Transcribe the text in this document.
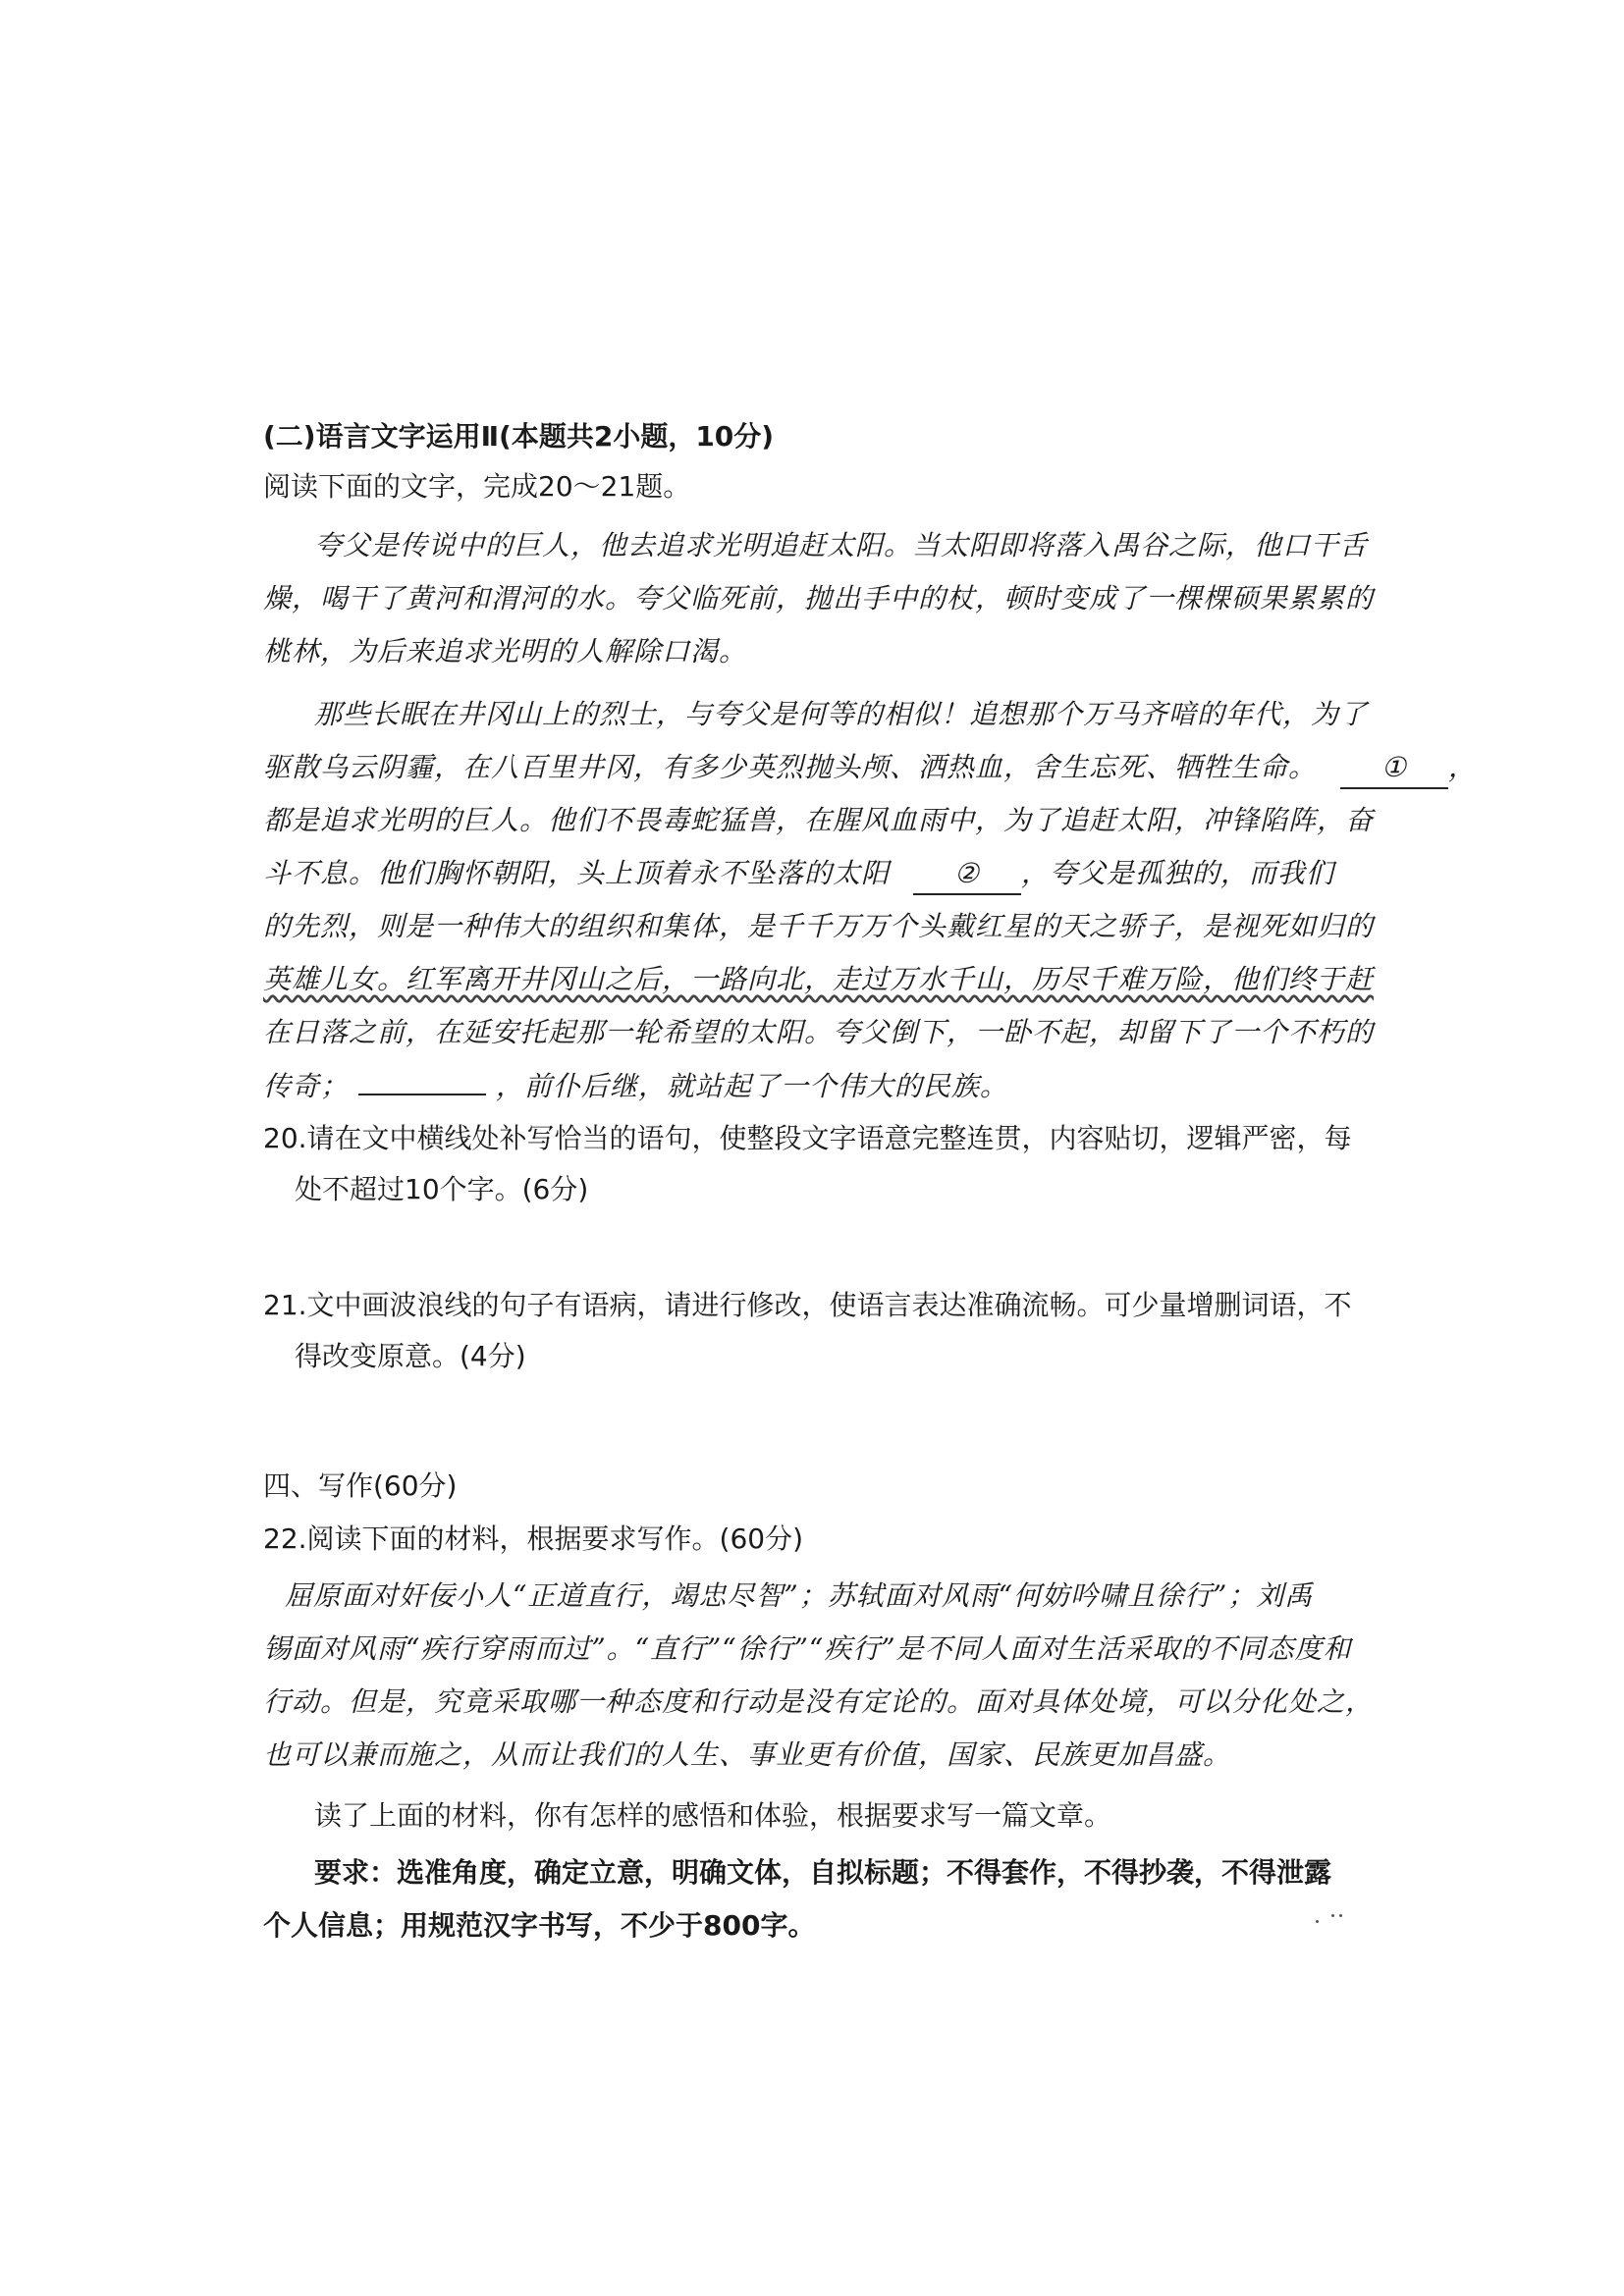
(二)语言文字运用Ⅱ(本题共2小题，10分)
阅读下面的文字，完成20～21题。
夸父是传说中的巨人，他去追求光明追赶太阳。当太阳即将落入禺谷之际，他口干舌
燥，喝干了黄河和渭河的水。夸父临死前，抛出手中的杖，顿时变成了一棵棵硕果累累的
桃林，为后来追求光明的人解除口渴。
那些长眠在井冈山上的烈士，与夸父是何等的相似！追想那个万马齐喑的年代，为了
驱散乌云阴霾，在八百里井冈，有多少英烈抛头颅、洒热血，舍生忘死、牺牲生命。 ① ，
都是追求光明的巨人。他们不畏毒蛇猛兽，在腥风血雨中，为了追赶太阳，冲锋陷阵，奋
斗不息。他们胸怀朝阳，头上顶着永不坠落的太阳 ② ，夸父是孤独的，而我们
的先烈，则是一种伟大的组织和集体，是千千万万个头戴红星的天之骄子，是视死如归的
英雄儿女。红军离开井冈山之后，一路向北，走过万水千山，历尽千难万险，他们终于赶
在日落之前，在延安托起那一轮希望的太阳。夸父倒下，一卧不起，却留下了一个不朽的
传奇；	，前仆后继，就站起了一个伟大的民族。
20.请在文中横线处补写恰当的语句，使整段文字语意完整连贯，内容贴切，逻辑严密，每
处不超过10个字。(6分)
21.文中画波浪线的句子有语病，请进行修改，使语言表达准确流畅。可少量增删词语，不
得改变原意。(4分)
四、写作(60分)
22.阅读下面的材料，根据要求写作。(60分)
屈原面对奸佞小人“正道直行，竭忠尽智”；苏轼面对风雨“何妨吟啸且徐行”；刘禹
锡面对风雨“疾行穿雨而过”。“直行”“徐行”“疾行”是不同人面对生活采取的不同态度和
行动。但是，究竟采取哪一种态度和行动是没有定论的。面对具体处境，可以分化处之，
也可以兼而施之，从而让我们的人生、事业更有价值，国家、民族更加昌盛。
读了上面的材料，你有怎样的感悟和体验，根据要求写一篇文章。
要求：选准角度，确定立意，明确文体，自拟标题；不得套作，不得抄袭，不得泄露
个人信息；用规范汉字书写，不少于800字。
